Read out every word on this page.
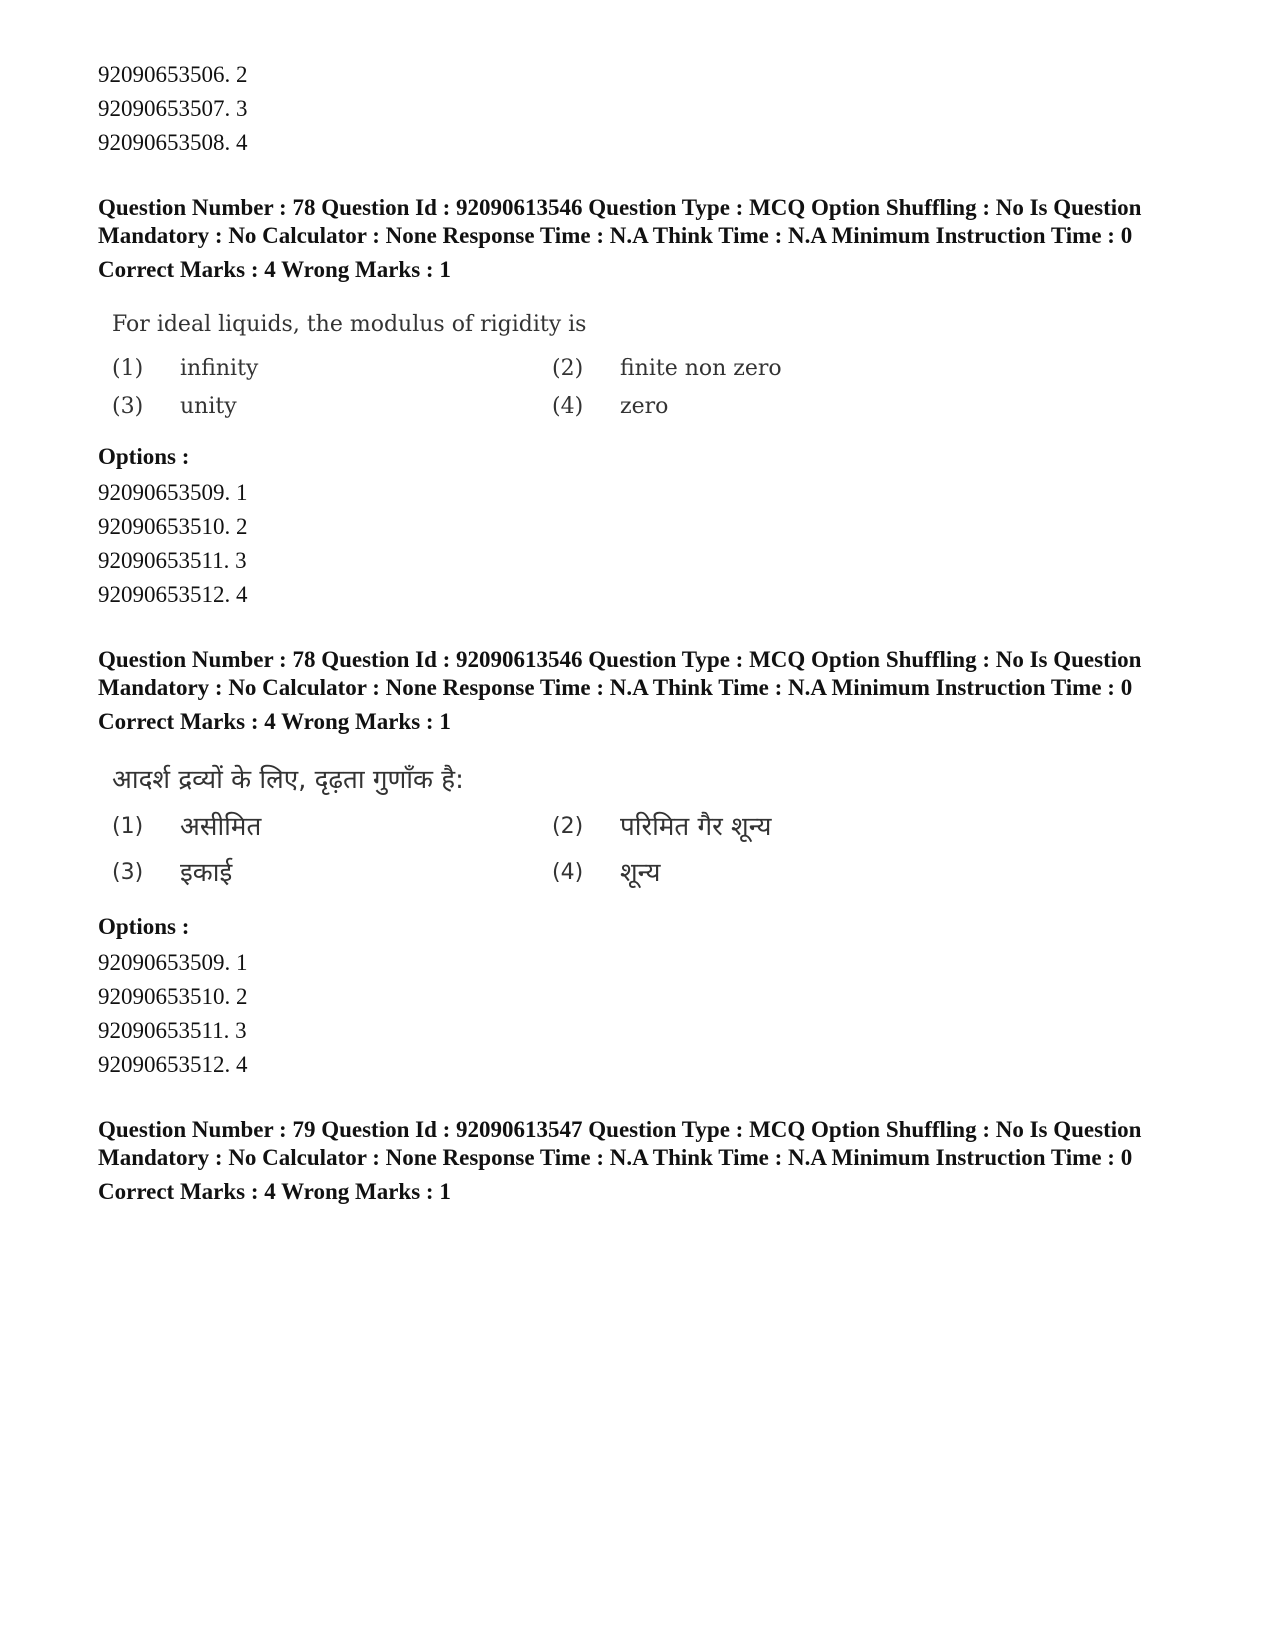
92090653506. 2

92090653507. 3

92090653508. 4

Question Number : 78 Question Id : 92090613546 Question Type : MCQ Option Shuffling : No Is Question Mandatory : No Calculator : None Response Time : N.A Think Time : N.A Minimum Instruction Time : 0

Correct Marks : 4 Wrong Marks : 1

For ideal liquids, the modulus of rigidity is

(1)	infinity	(2)	finite non zero
(3)	unity	(4)	zero

Options :

92090653509. 1

92090653510. 2

92090653511. 3

92090653512. 4

Question Number : 78 Question Id : 92090613546 Question Type : MCQ Option Shuffling : No Is Question Mandatory : No Calculator : None Response Time : N.A Think Time : N.A Minimum Instruction Time : 0

Correct Marks : 4 Wrong Marks : 1

आदर्श द्रव्यों के लिए, दृढ़ता गुणाँक है:

(1)	असीमित	(2)	परिमित गैर शून्य
(3)	इकाई	(4)	शून्य

Options :

92090653509. 1

92090653510. 2

92090653511. 3

92090653512. 4

Question Number : 79 Question Id : 92090613547 Question Type : MCQ Option Shuffling : No Is Question Mandatory : No Calculator : None Response Time : N.A Think Time : N.A Minimum Instruction Time : 0

Correct Marks : 4 Wrong Marks : 1
